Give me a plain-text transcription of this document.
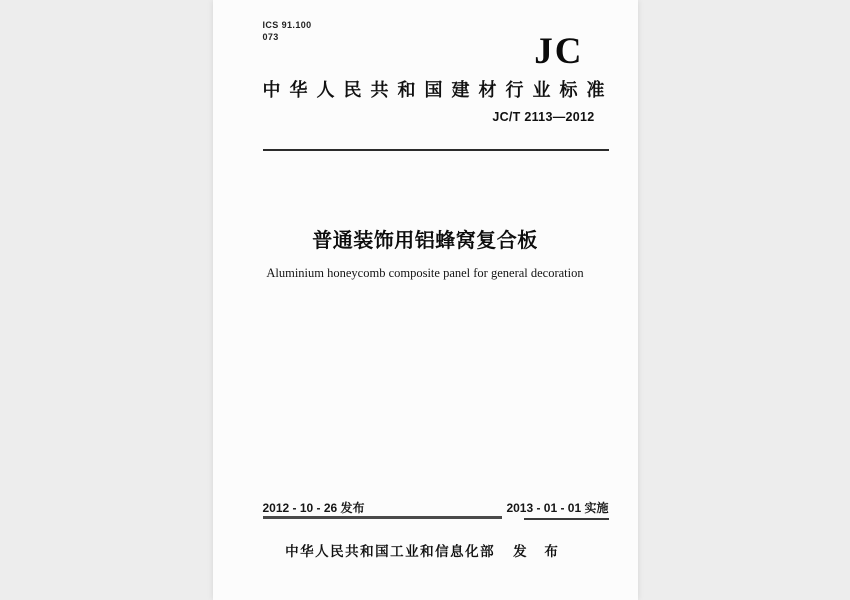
ICS 91.100
073	JC
中华人民共和国建材行业标准
JC/T 2113—2012
普通装饰用铝蜂窝复合板
Aluminium honeycomb composite panel for general decoration
2012 - 10 - 26 发布	2013 - 01 - 01 实施
中华人民共和国工业和信息化部 发 布
